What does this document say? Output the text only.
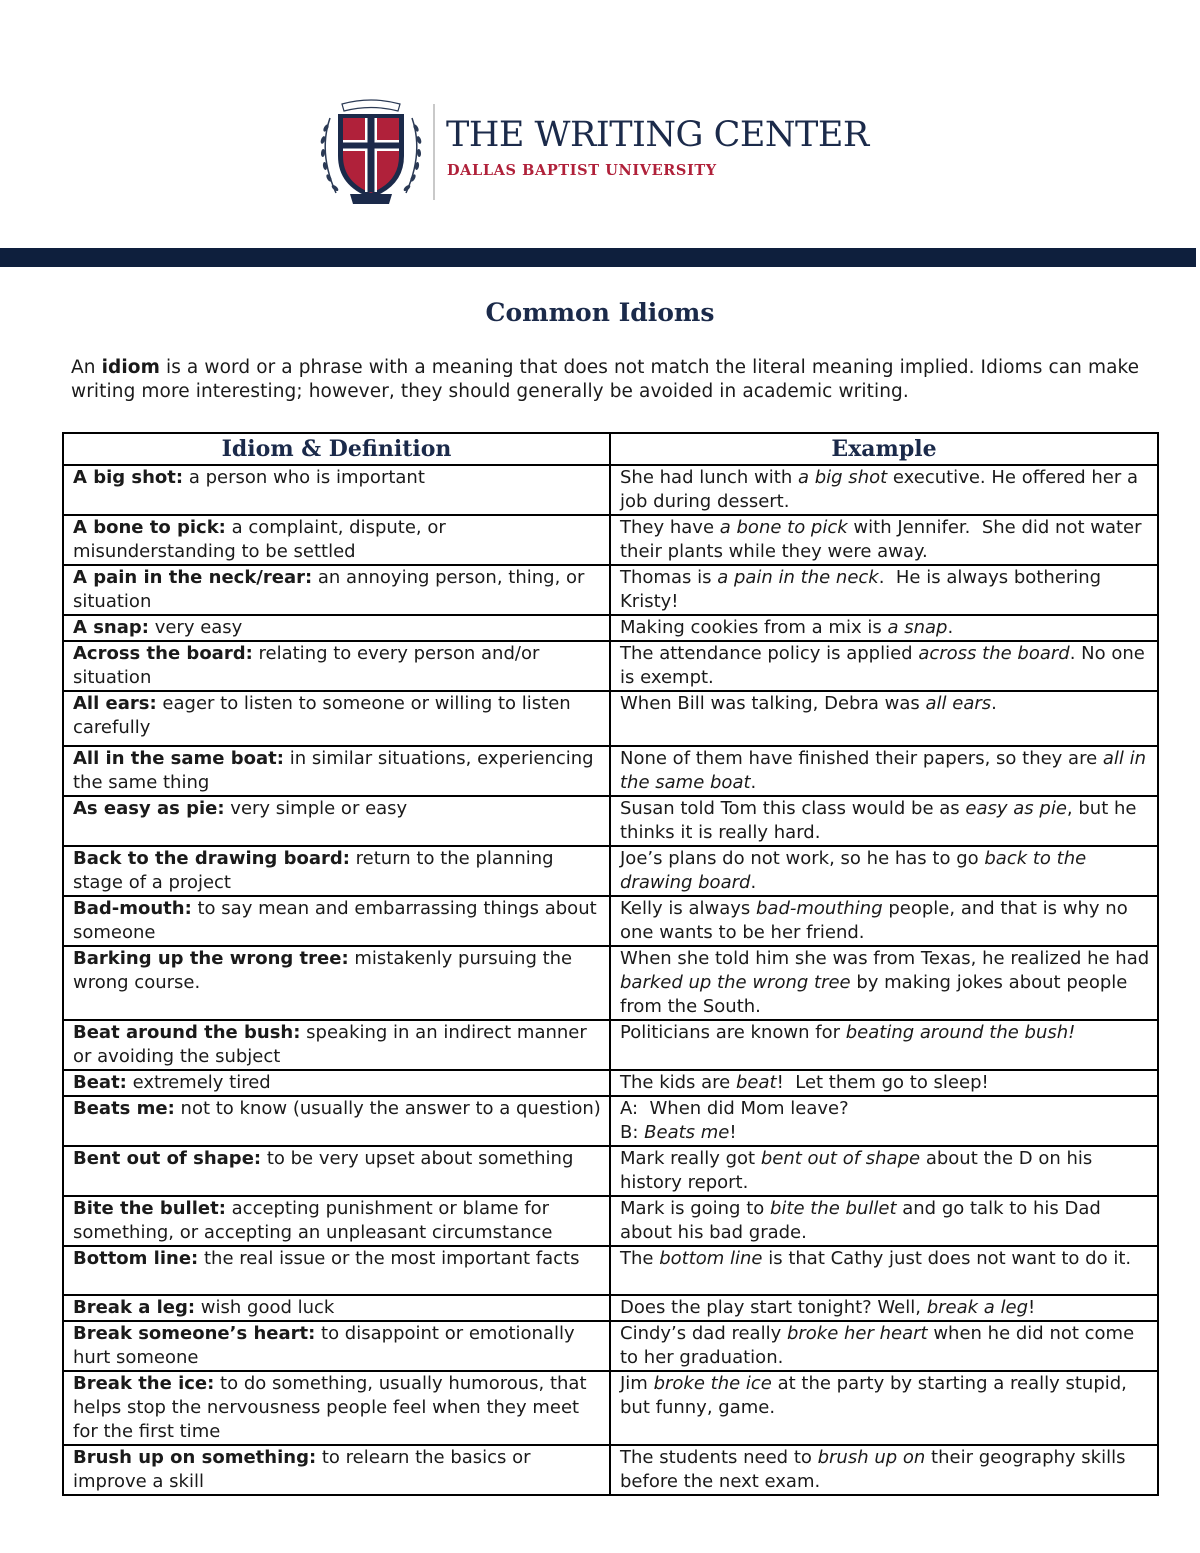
THE WRITING CENTER
DALLAS BAPTIST UNIVERSITY
Common Idioms
An idiom is a word or a phrase with a meaning that does not match the literal meaning implied. Idioms can make writing more interesting; however, they should generally be avoided in academic writing.
Idiom & Definition	Example
A big shot: a person who is important	She had lunch with a big shot executive. He offered her a job during dessert.
A bone to pick: a complaint, dispute, or misunderstanding to be settled	They have a bone to pick with Jennifer.  She did not water their plants while they were away.
A pain in the neck/rear: an annoying person, thing, or situation	Thomas is a pain in the neck.  He is always bothering Kristy!
A snap: very easy	Making cookies from a mix is a snap.
Across the board: relating to every person and/or situation	The attendance policy is applied across the board. No one is exempt.
All ears: eager to listen to someone or willing to listen carefully	When Bill was talking, Debra was all ears.
All in the same boat: in similar situations, experiencing the same thing	None of them have finished their papers, so they are all in the same boat.
As easy as pie: very simple or easy	Susan told Tom this class would be as easy as pie, but he thinks it is really hard.
Back to the drawing board: return to the planning stage of a project	Joe’s plans do not work, so he has to go back to the drawing board.
Bad-mouth: to say mean and embarrassing things about someone	Kelly is always bad-mouthing people, and that is why no one wants to be her friend.
Barking up the wrong tree: mistakenly pursuing the wrong course.	When she told him she was from Texas, he realized he had barked up the wrong tree by making jokes about people from the South.
Beat around the bush: speaking in an indirect manner or avoiding the subject	Politicians are known for beating around the bush!
Beat: extremely tired	The kids are beat!  Let them go to sleep!
Beats me: not to know (usually the answer to a question)	A:  When did Mom leave?
B: Beats me!
Bent out of shape: to be very upset about something	Mark really got bent out of shape about the D on his history report.
Bite the bullet: accepting punishment or blame for something, or accepting an unpleasant circumstance	Mark is going to bite the bullet and go talk to his Dad about his bad grade.
Bottom line: the real issue or the most important facts	The bottom line is that Cathy just does not want to do it.
Break a leg: wish good luck	Does the play start tonight? Well, break a leg!
Break someone’s heart: to disappoint or emotionally hurt someone	Cindy’s dad really broke her heart when he did not come to her graduation.
Break the ice: to do something, usually humorous, that helps stop the nervousness people feel when they meet for the first time	Jim broke the ice at the party by starting a really stupid, but funny, game.
Brush up on something: to relearn the basics or improve a skill	The students need to brush up on their geography skills before the next exam.
